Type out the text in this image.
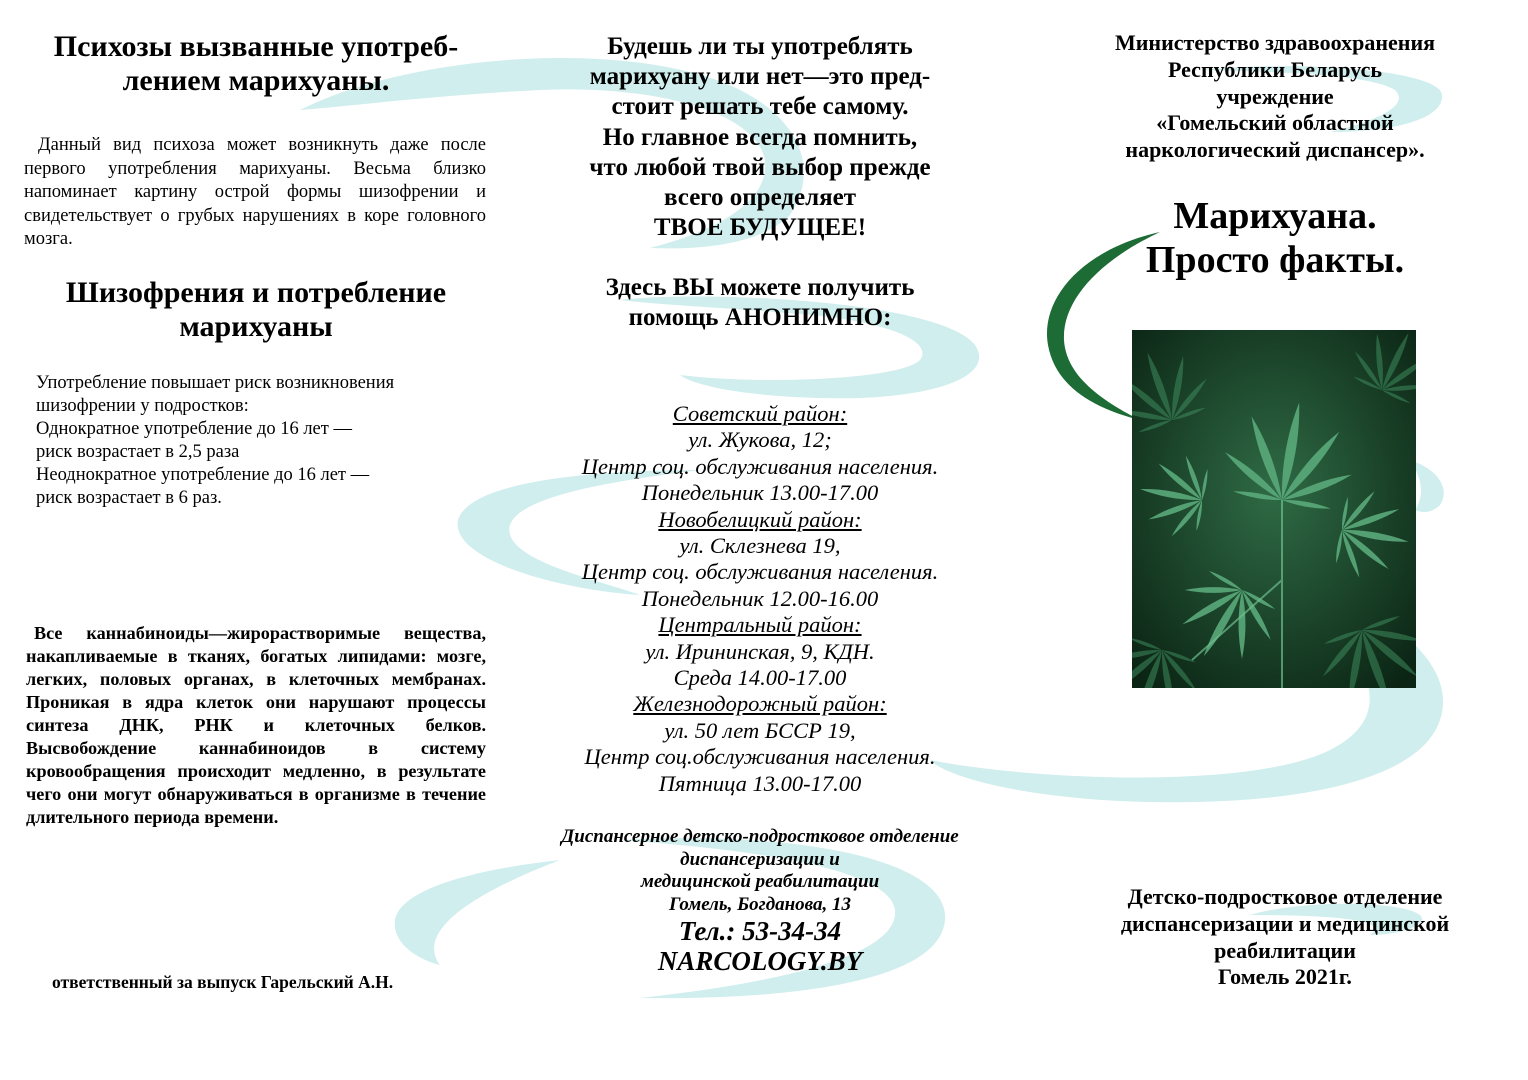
Психозы вызванные употреб-
лением марихуаны.
Данный вид психоза может возникнуть даже после первого употребления марихуаны. Весьма близко напоминает картину острой формы шизофрении и свидетельствует о грубых нарушениях в коре головного мозга.
Шизофрения и потребление
марихуаны
Употребление повышает риск возникновения
шизофрении у подростков:
Однократное употребление до 16 лет —
риск возрастает в 2,5 раза
Неоднократное употребление до 16 лет —
риск возрастает в 6 раз.
Все каннабиноиды—жирорастворимые вещества, накапливаемые в тканях, богатых липидами: мозге, легких, половых органах, в клеточных мембранах. Проникая в ядра клеток они нарушают процессы синтеза ДНК, РНК и клеточных белков. Высвобождение каннабиноидов в систему кровообращения происходит медленно, в результате чего они могут обнаруживаться в организме в течение длительного периода времени.
ответственный за выпуск Гарельский А.Н.
Будешь ли ты употреблять
марихуану или нет—это пред-
стоит решать тебе самому.
Но главное всегда помнить,
что любой твой выбор прежде
всего определяет
ТВОЕ БУДУЩЕЕ!
Здесь ВЫ можете получить
помощь АНОНИМНО:
Советский район:
ул. Жукова, 12;
Центр соц. обслуживания населения.
Понедельник 13.00-17.00
Новобелицкий район:
ул. Склезнева 19,
Центр соц. обслуживания населения.
Понедельник 12.00-16.00
Центральный район:
ул. Ирининская, 9, КДН.
Среда 14.00-17.00
Железнодорожный район:
ул. 50 лет БССР 19,
Центр соц.обслуживания населения.
Пятница 13.00-17.00
Диспансерное детско-подростковое отделение
диспансеризации и
медицинской реабилитации
Гомель, Богданова, 13
Тел.: 53-34-34
NARCOLOGY.BY
Министерство здравоохранения
Республики Беларусь
учреждение
«Гомельский областной
наркологический диспансер».
Марихуана.
Просто факты.
Детско-подростковое отделение
диспансеризации и медицинской
реабилитации
Гомель 2021г.
